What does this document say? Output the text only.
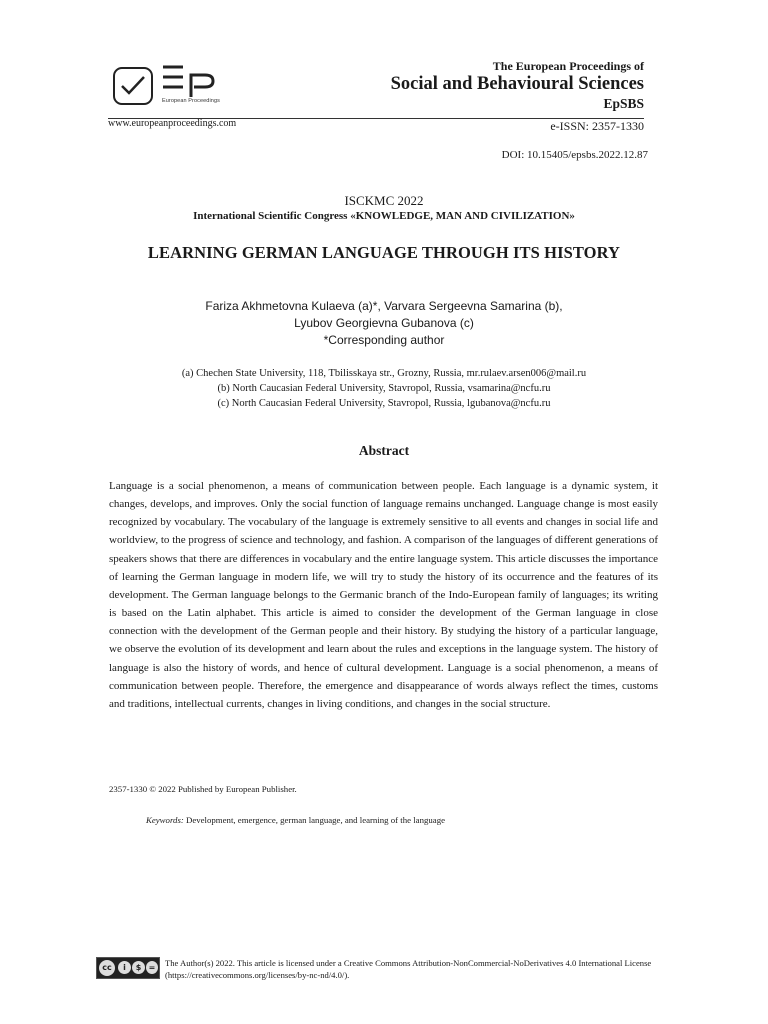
European Proceedings
The European Proceedings of
Social and Behavioural Sciences
EpSBS
www.europeanproceedings.com	e-ISSN: 2357-1330
DOI: 10.15405/epsbs.2022.12.87
ISCKMC 2022
International Scientific Congress «KNOWLEDGE, MAN AND CIVILIZATION»
LEARNING GERMAN LANGUAGE THROUGH ITS HISTORY
Fariza Akhmetovna Kulaeva (a)*, Varvara Sergeevna Samarina (b),
Lyubov Georgievna Gubanova (c)
*Corresponding author
(a) Chechen State University, 118, Tbilisskaya str., Grozny, Russia, mr.rulaev.arsen006@mail.ru
(b) North Caucasian Federal University, Stavropol, Russia, vsamarina@ncfu.ru
(c) North Caucasian Federal University, Stavropol, Russia, lgubanova@ncfu.ru
Abstract
Language is a social phenomenon, a means of communication between people. Each language is a dynamic system, it changes, develops, and improves. Only the social function of language remains unchanged. Language change is most easily recognized by vocabulary. The vocabulary of the language is extremely sensitive to all events and changes in social life and worldview, to the progress of science and technology, and fashion. A comparison of the languages of different generations of speakers shows that there are differences in vocabulary and the entire language system. This article discusses the importance of learning the German language in modern life, we will try to study the history of its occurrence and the features of its development. The German language belongs to the Germanic branch of the Indo-European family of languages; its writing is based on the Latin alphabet. This article is aimed to consider the development of the German language in close connection with the development of the German people and their history. By studying the history of a particular language, we observe the evolution of its development and learn about the rules and exceptions in the language system. The history of language is also the history of words, and hence of cultural development. Language is a social phenomenon, a means of communication between people. Therefore, the emergence and disappearance of words always reflect the times, customs and traditions, intellectual currents, changes in living conditions, and changes in the social structure.
2357-1330 © 2022 Published by European Publisher.
Keywords: Development, emergence, german language, and learning of the language
cc	i	$ =	The Author(s) 2022. This article is licensed under a Creative Commons Attribution-NonCommercial-NoDerivatives 4.0 International License (https://creativecommons.org/licenses/by-nc-nd/4.0/).
